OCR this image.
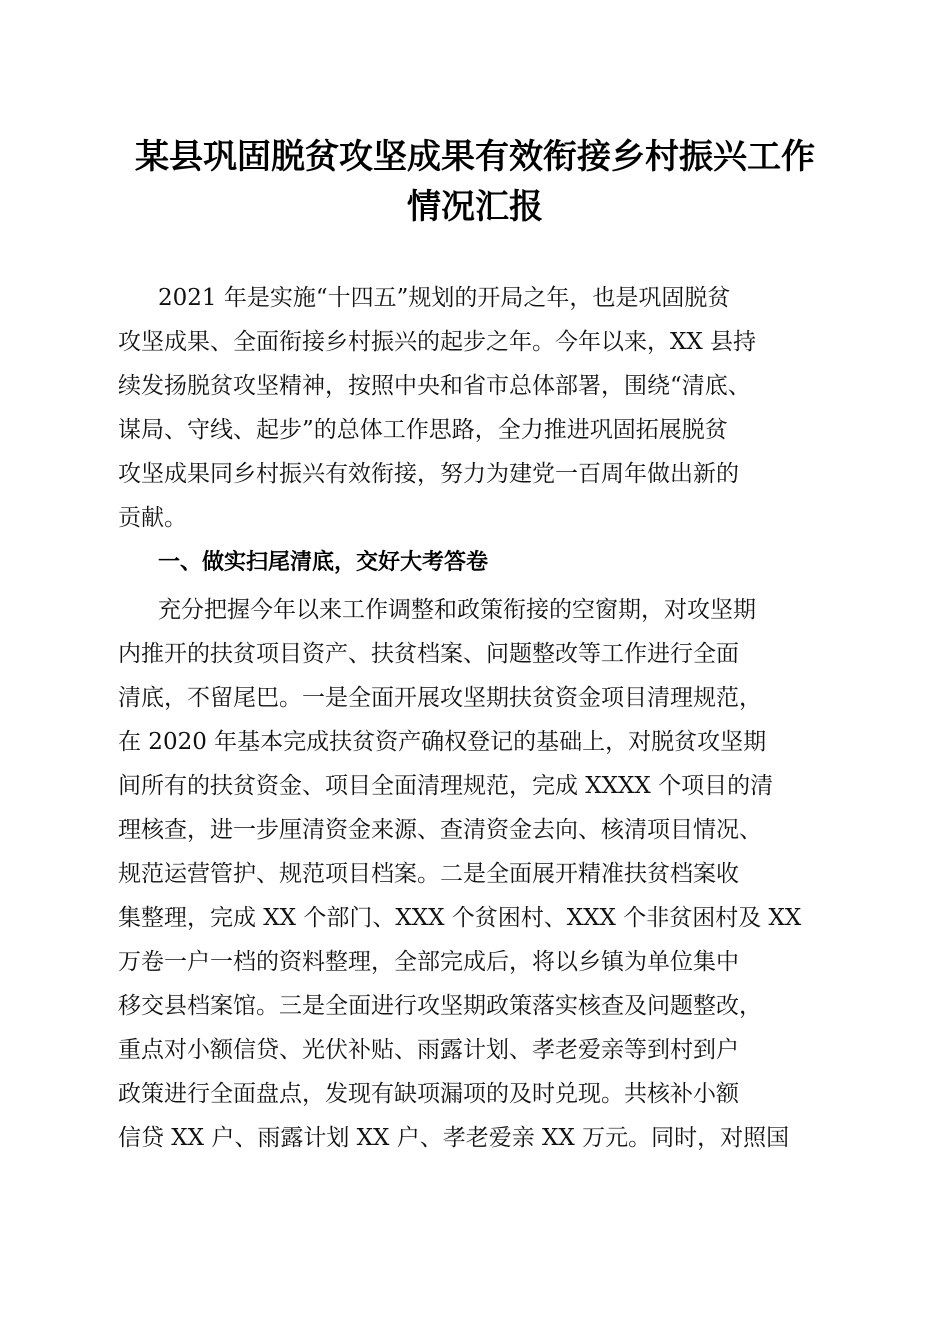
某县巩固脱贫攻坚成果有效衔接乡村振兴工作
情况汇报
2021 年是实施“十四五”规划的开局之年，也是巩固脱贫
攻坚成果、全面衔接乡村振兴的起步之年。今年以来，XX 县持
续发扬脱贫攻坚精神，按照中央和省市总体部署，围绕“清底、
谋局、守线、起步”的总体工作思路，全力推进巩固拓展脱贫
攻坚成果同乡村振兴有效衔接，努力为建党一百周年做出新的
贡献。
一、做实扫尾清底，交好大考答卷
充分把握今年以来工作调整和政策衔接的空窗期，对攻坚期
内推开的扶贫项目资产、扶贫档案、问题整改等工作进行全面
清底，不留尾巴。一是全面开展攻坚期扶贫资金项目清理规范，
在 2020 年基本完成扶贫资产确权登记的基础上，对脱贫攻坚期
间所有的扶贫资金、项目全面清理规范，完成 XXXX 个项目的清
理核查，进一步厘清资金来源、查清资金去向、核清项目情况、
规范运营管护、规范项目档案。二是全面展开精准扶贫档案收
集整理，完成 XX 个部门、XXX 个贫困村、XXX 个非贫困村及 XX
万卷一户一档的资料整理，全部完成后，将以乡镇为单位集中
移交县档案馆。三是全面进行攻坚期政策落实核查及问题整改，
重点对小额信贷、光伏补贴、雨露计划、孝老爱亲等到村到户
政策进行全面盘点，发现有缺项漏项的及时兑现。共核补小额
信贷 XX 户、雨露计划 XX 户、孝老爱亲 XX 万元。同时，对照国
